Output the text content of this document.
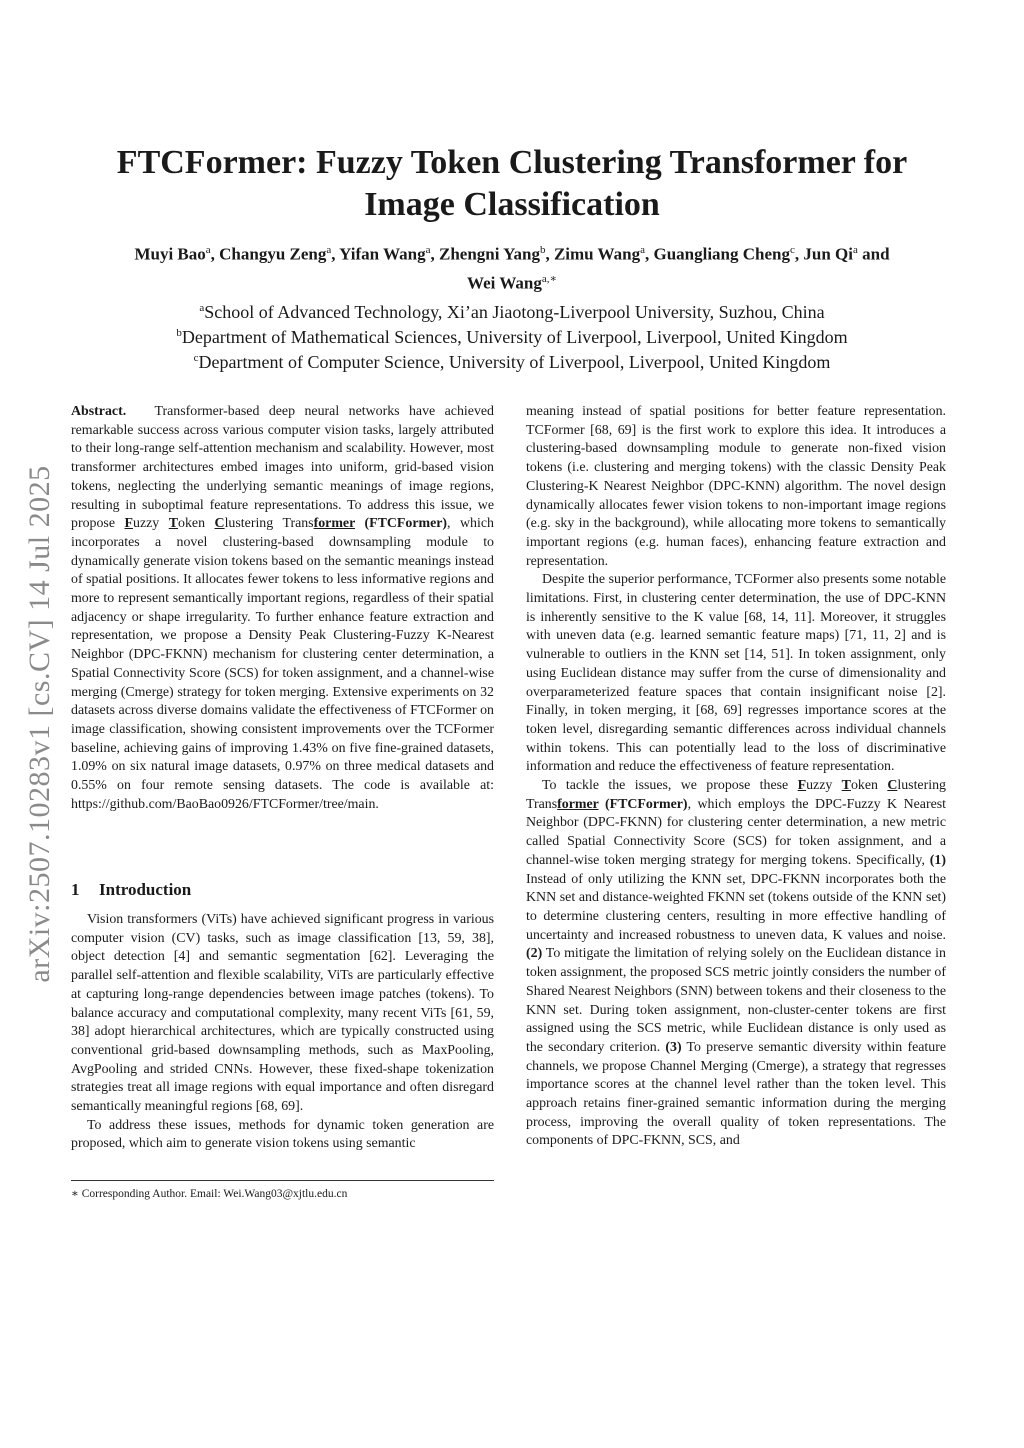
FTCFormer: Fuzzy Token Clustering Transformer for
Image Classification
Muyi Bao$^a$, Changyu Zeng$^a$, Yifan Wang$^a$, Zhengni Yang$^b$, Zimu Wang$^a$, Guangliang Cheng$^c$, Jun Qi$^a$ and
Wei Wang$^{a,∗}$
$^a$School of Advanced Technology, Xi’an Jiaotong-Liverpool University, Suzhou, China
$^b$Department of Mathematical Sciences, University of Liverpool, Liverpool, United Kingdom
$^c$Department of Computer Science, University of Liverpool, Liverpool, United Kingdom
arXiv:2507.10283v1 [cs.CV] 14 Jul 2025

Abstract. Transformer-based deep neural networks have achieved remarkable success across various computer vision tasks, largely attributed to their long-range self-attention mechanism and scalability. However, most transformer architectures embed images into uniform, grid-based vision tokens, neglecting the underlying semantic meanings of image regions, resulting in suboptimal feature representations. To address this issue, we propose Fuzzy Token Clustering Transformer (FTCFormer), which incorporates a novel clustering-based downsampling module to dynamically generate vision tokens based on the semantic meanings instead of spatial positions. It allocates fewer tokens to less informative regions and more to represent semantically important regions, regardless of their spatial adjacency or shape irregularity. To further enhance feature extraction and representation, we propose a Density Peak Clustering-Fuzzy K-Nearest Neighbor (DPC-FKNN) mechanism for clustering center determination, a Spatial Connectivity Score (SCS) for token assignment, and a channel-wise merging (Cmerge) strategy for token merging. Extensive experiments on 32 datasets across diverse domains validate the effectiveness of FTCFormer on image classification, showing consistent improvements over the TCFormer baseline, achieving gains of improving 1.43% on five fine-grained datasets, 1.09% on six natural image datasets, 0.97% on three medical datasets and 0.55% on four remote sensing datasets. The code is available at: https://github.com/BaoBao0926/FTCFormer/tree/main.

1 Introduction

Vision transformers (ViTs) have achieved significant progress in various computer vision (CV) tasks, such as image classification [13, 59, 38], object detection [4] and semantic segmentation [62]. Leveraging the parallel self-attention and flexible scalability, ViTs are particularly effective at capturing long-range dependencies between image patches (tokens). To balance accuracy and computational complexity, many recent ViTs [61, 59, 38] adopt hierarchical architectures, which are typically constructed using conventional grid-based downsampling methods, such as MaxPooling, AvgPooling and strided CNNs. However, these fixed-shape tokenization strategies treat all image regions with equal importance and often disregard semantically meaningful regions [68, 69].

To address these issues, methods for dynamic token generation are proposed, which aim to generate vision tokens using semantic

∗ Corresponding Author. Email: Wei.Wang03@xjtlu.edu.cn

meaning instead of spatial positions for better feature representation. TCFormer [68, 69] is the first work to explore this idea. It introduces a clustering-based downsampling module to generate non-fixed vision tokens (i.e. clustering and merging tokens) with the classic Density Peak Clustering-K Nearest Neighbor (DPC-KNN) algorithm. The novel design dynamically allocates fewer vision tokens to non-important image regions (e.g. sky in the background), while allocating more tokens to semantically important regions (e.g. human faces), enhancing feature extraction and representation.

Despite the superior performance, TCFormer also presents some notable limitations. First, in clustering center determination, the use of DPC-KNN is inherently sensitive to the K value [68, 14, 11]. Moreover, it struggles with uneven data (e.g. learned semantic feature maps) [71, 11, 2] and is vulnerable to outliers in the KNN set [14, 51]. In token assignment, only using Euclidean distance may suffer from the curse of dimensionality and overparameterized feature spaces that contain insignificant noise [2]. Finally, in token merging, it [68, 69] regresses importance scores at the token level, disregarding semantic differences across individual channels within tokens. This can potentially lead to the loss of discriminative information and reduce the effectiveness of feature representation.

To tackle the issues, we propose these Fuzzy Token Clustering Transformer (FTCFormer), which employs the DPC-Fuzzy K Nearest Neighbor (DPC-FKNN) for clustering center determination, a new metric called Spatial Connectivity Score (SCS) for token assignment, and a channel-wise token merging strategy for merging tokens. Specifically, (1) Instead of only utilizing the KNN set, DPC-FKNN incorporates both the KNN set and distance-weighted FKNN set (tokens outside of the KNN set) to determine clustering centers, resulting in more effective handling of uncertainty and increased robustness to uneven data, K values and noise. (2) To mitigate the limitation of relying solely on the Euclidean distance in token assignment, the proposed SCS metric jointly considers the number of Shared Nearest Neighbors (SNN) between tokens and their closeness to the KNN set. During token assignment, non-cluster-center tokens are first assigned using the SCS metric, while Euclidean distance is only used as the secondary criterion. (3) To preserve semantic diversity within feature channels, we propose Channel Merging (Cmerge), a strategy that regresses importance scores at the channel level rather than the token level. This approach retains finer-grained semantic information during the merging process, improving the overall quality of token representations. The components of DPC-FKNN, SCS, and
